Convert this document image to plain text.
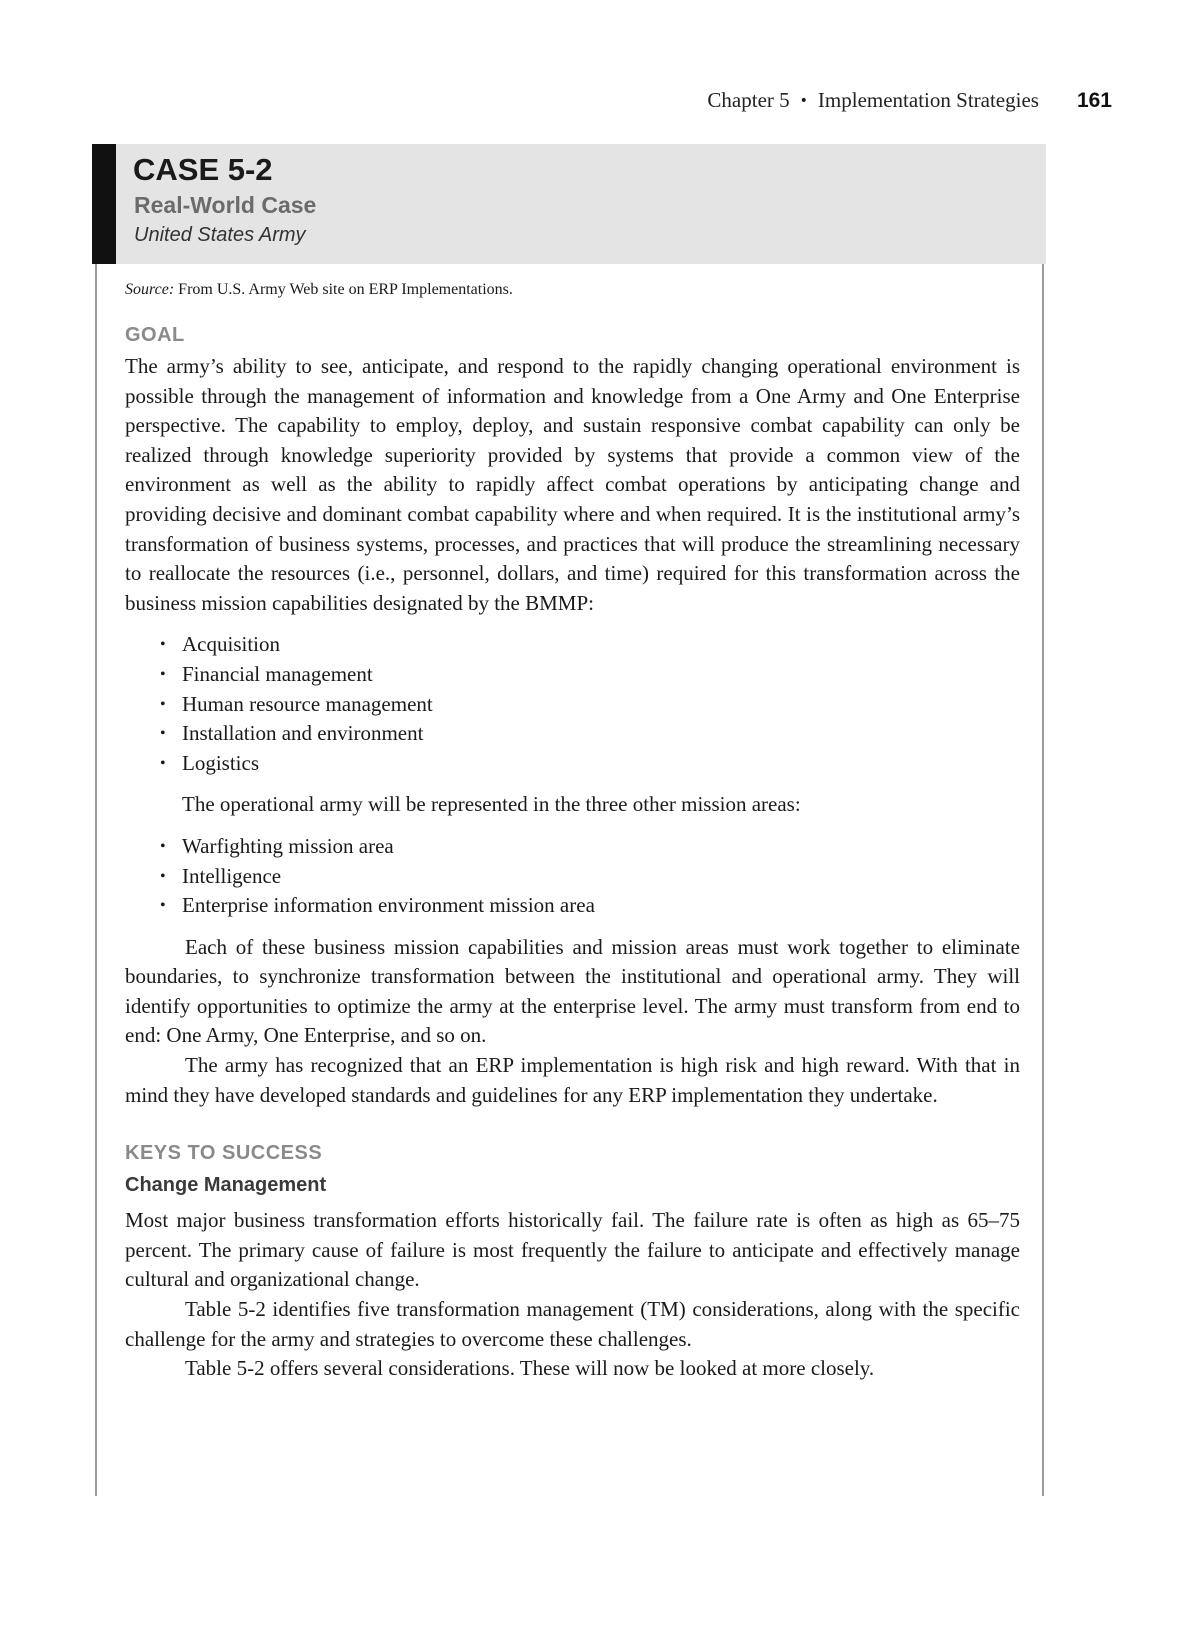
Chapter 5 • Implementation Strategies 161
CASE 5-2
Real-World Case
United States Army

Source: From U.S. Army Web site on ERP Implementations.

GOAL

The army’s ability to see, anticipate, and respond to the rapidly changing operational environment is possible through the management of information and knowledge from a One Army and One Enterprise perspective. The capability to employ, deploy, and sustain responsive combat capability can only be realized through knowledge superiority provided by systems that provide a common view of the environment as well as the ability to rapidly affect combat operations by anticipating change and providing decisive and dominant combat capability where and when required. It is the institutional army’s transformation of business systems, processes, and practices that will produce the streamlining necessary to reallocate the resources (i.e., personnel, dollars, and time) required for this transformation across the business mission capabilities designated by the BMMP:

• Acquisition
• Financial management
• Human resource management
• Installation and environment
• Logistics

The operational army will be represented in the three other mission areas:

• Warfighting mission area
• Intelligence
• Enterprise information environment mission area

Each of these business mission capabilities and mission areas must work together to eliminate boundaries, to synchronize transformation between the institutional and operational army. They will identify opportunities to optimize the army at the enterprise level. The army must transform from end to end: One Army, One Enterprise, and so on.

The army has recognized that an ERP implementation is high risk and high reward. With that in mind they have developed standards and guidelines for any ERP implementation they undertake.

KEYS TO SUCCESS
Change Management

Most major business transformation efforts historically fail. The failure rate is often as high as 65–75 percent. The primary cause of failure is most frequently the failure to anticipate and effectively manage cultural and organizational change.

Table 5-2 identifies five transformation management (TM) considerations, along with the specific challenge for the army and strategies to overcome these challenges.

Table 5-2 offers several considerations. These will now be looked at more closely.
